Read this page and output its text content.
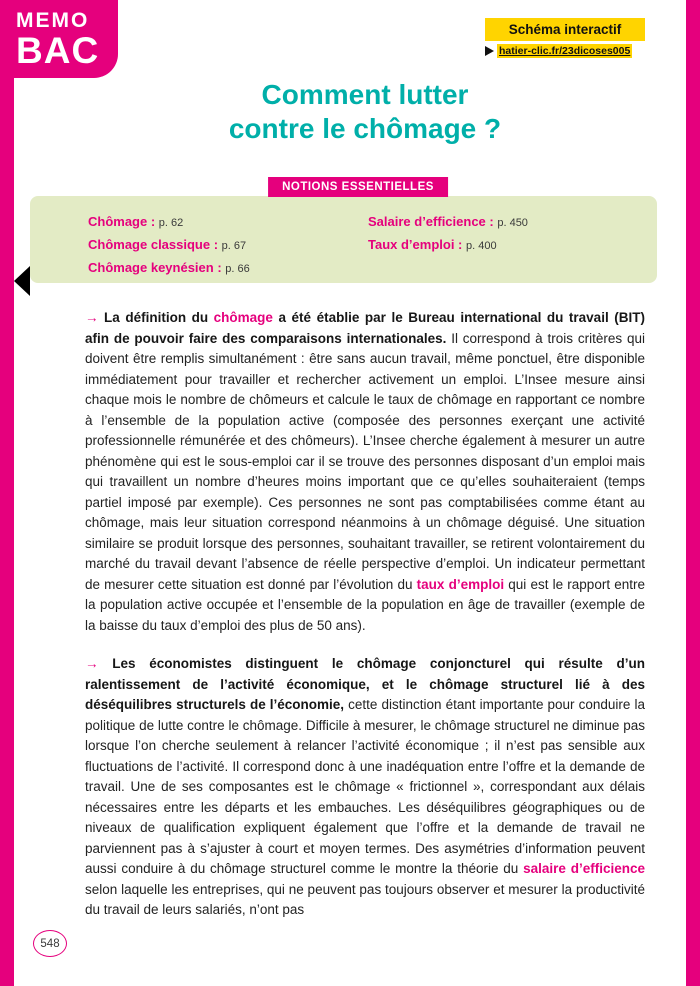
MEMO
BAC
Schéma interactif
hatier-clic.fr/23dicoses005
Comment lutter
contre le chômage ?
NOTIONS ESSENTIELLES
Chômage : p. 62
Chômage classique : p. 67
Chômage keynésien : p. 66
Salaire d’efficience : p. 450
Taux d’emploi : p. 400

→ La définition du chômage a été établie par le Bureau international du travail (BIT) afin de pouvoir faire des comparaisons internationales. Il correspond à trois critères qui doivent être remplis simultanément : être sans aucun travail, même ponctuel, être disponible immédiatement pour travailler et rechercher activement un emploi. L’Insee mesure ainsi chaque mois le nombre de chômeurs et calcule le taux de chômage en rapportant ce nombre à l’ensemble de la population active (composée des personnes exerçant une activité professionnelle rémunérée et des chômeurs). L’Insee cherche également à mesurer un autre phénomène qui est le sous-emploi car il se trouve des personnes disposant d’un emploi mais qui travaillent un nombre d’heures moins important que ce qu’elles souhaiteraient (temps partiel imposé par exemple). Ces personnes ne sont pas comptabilisées comme étant au chômage, mais leur situation correspond néanmoins à un chômage déguisé. Une situation similaire se produit lorsque des personnes, souhaitant travailler, se retirent volontairement du marché du travail devant l’absence de réelle perspective d’emploi. Un indicateur permettant de mesurer cette situation est donné par l’évolution du taux d’emploi qui est le rapport entre la population active occupée et l’ensemble de la population en âge de travailler (exemple de la baisse du taux d’emploi des plus de 50 ans).

→ Les économistes distinguent le chômage conjoncturel qui résulte d’un ralentissement de l’activité économique, et le chômage structurel lié à des déséquilibres structurels de l’économie, cette distinction étant importante pour conduire la politique de lutte contre le chômage. Difficile à mesurer, le chômage structurel ne diminue pas lorsque l’on cherche seulement à relancer l’activité économique ; il n’est pas sensible aux fluctuations de l’activité. Il correspond donc à une inadéquation entre l’offre et la demande de travail. Une de ses composantes est le chômage « frictionnel », correspondant aux délais nécessaires entre les départs et les embauches. Les déséquilibres géographiques ou de niveaux de qualification expliquent également que l’offre et la demande de travail ne parviennent pas à s’ajuster à court et moyen termes. Des asymétries d’information peuvent aussi conduire à du chômage structurel comme le montre la théorie du salaire d’efficience selon laquelle les entreprises, qui ne peuvent pas toujours observer et mesurer la productivité du travail de leurs salariés, n’ont pas

548
